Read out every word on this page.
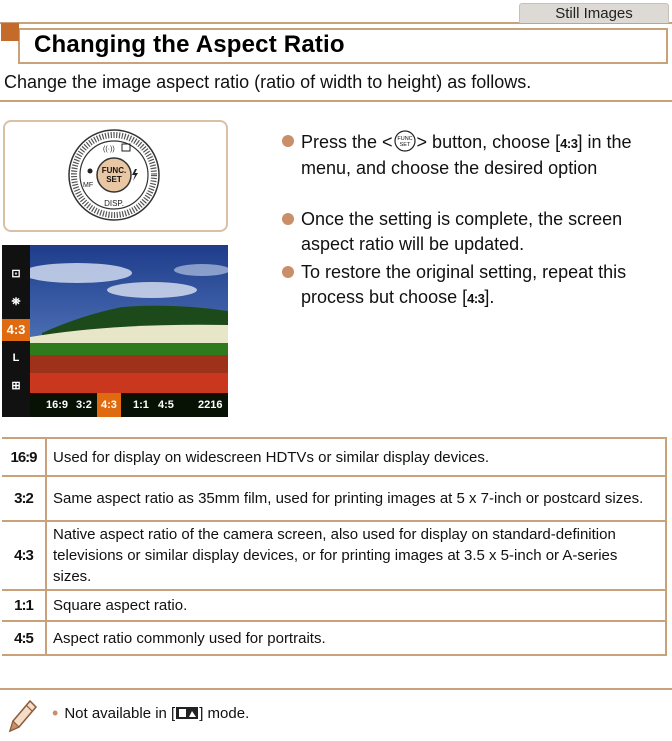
Still Images
Changing the Aspect Ratio

Change the image aspect ratio (ratio of width to height) as follows.

FUNC.
SET
DISP.
((·))
MF
⊡
⛯
4:3
L
⊞
16:9 3:2 4:3	1:1 4:5 2216
Press the < FUNC
SET > button, choose [4:3] in the menu, and choose the desired option
Once the setting is complete, the screen aspect ratio will be updated.
To restore the original setting, repeat this process but choose [4:3].
16:9	Used for display on widescreen HDTVs or similar display devices.
3:2	Same aspect ratio as 35mm film, used for printing images at 5 x 7-inch or postcard sizes.
4:3	Native aspect ratio of the camera screen, also used for display on standard-definition televisions or similar display devices, or for printing images at 3.5 x 5-inch or A-series sizes.
1:1	Square aspect ratio.
4:5	Aspect ratio commonly used for portraits.

• Not available in [ ] mode.
